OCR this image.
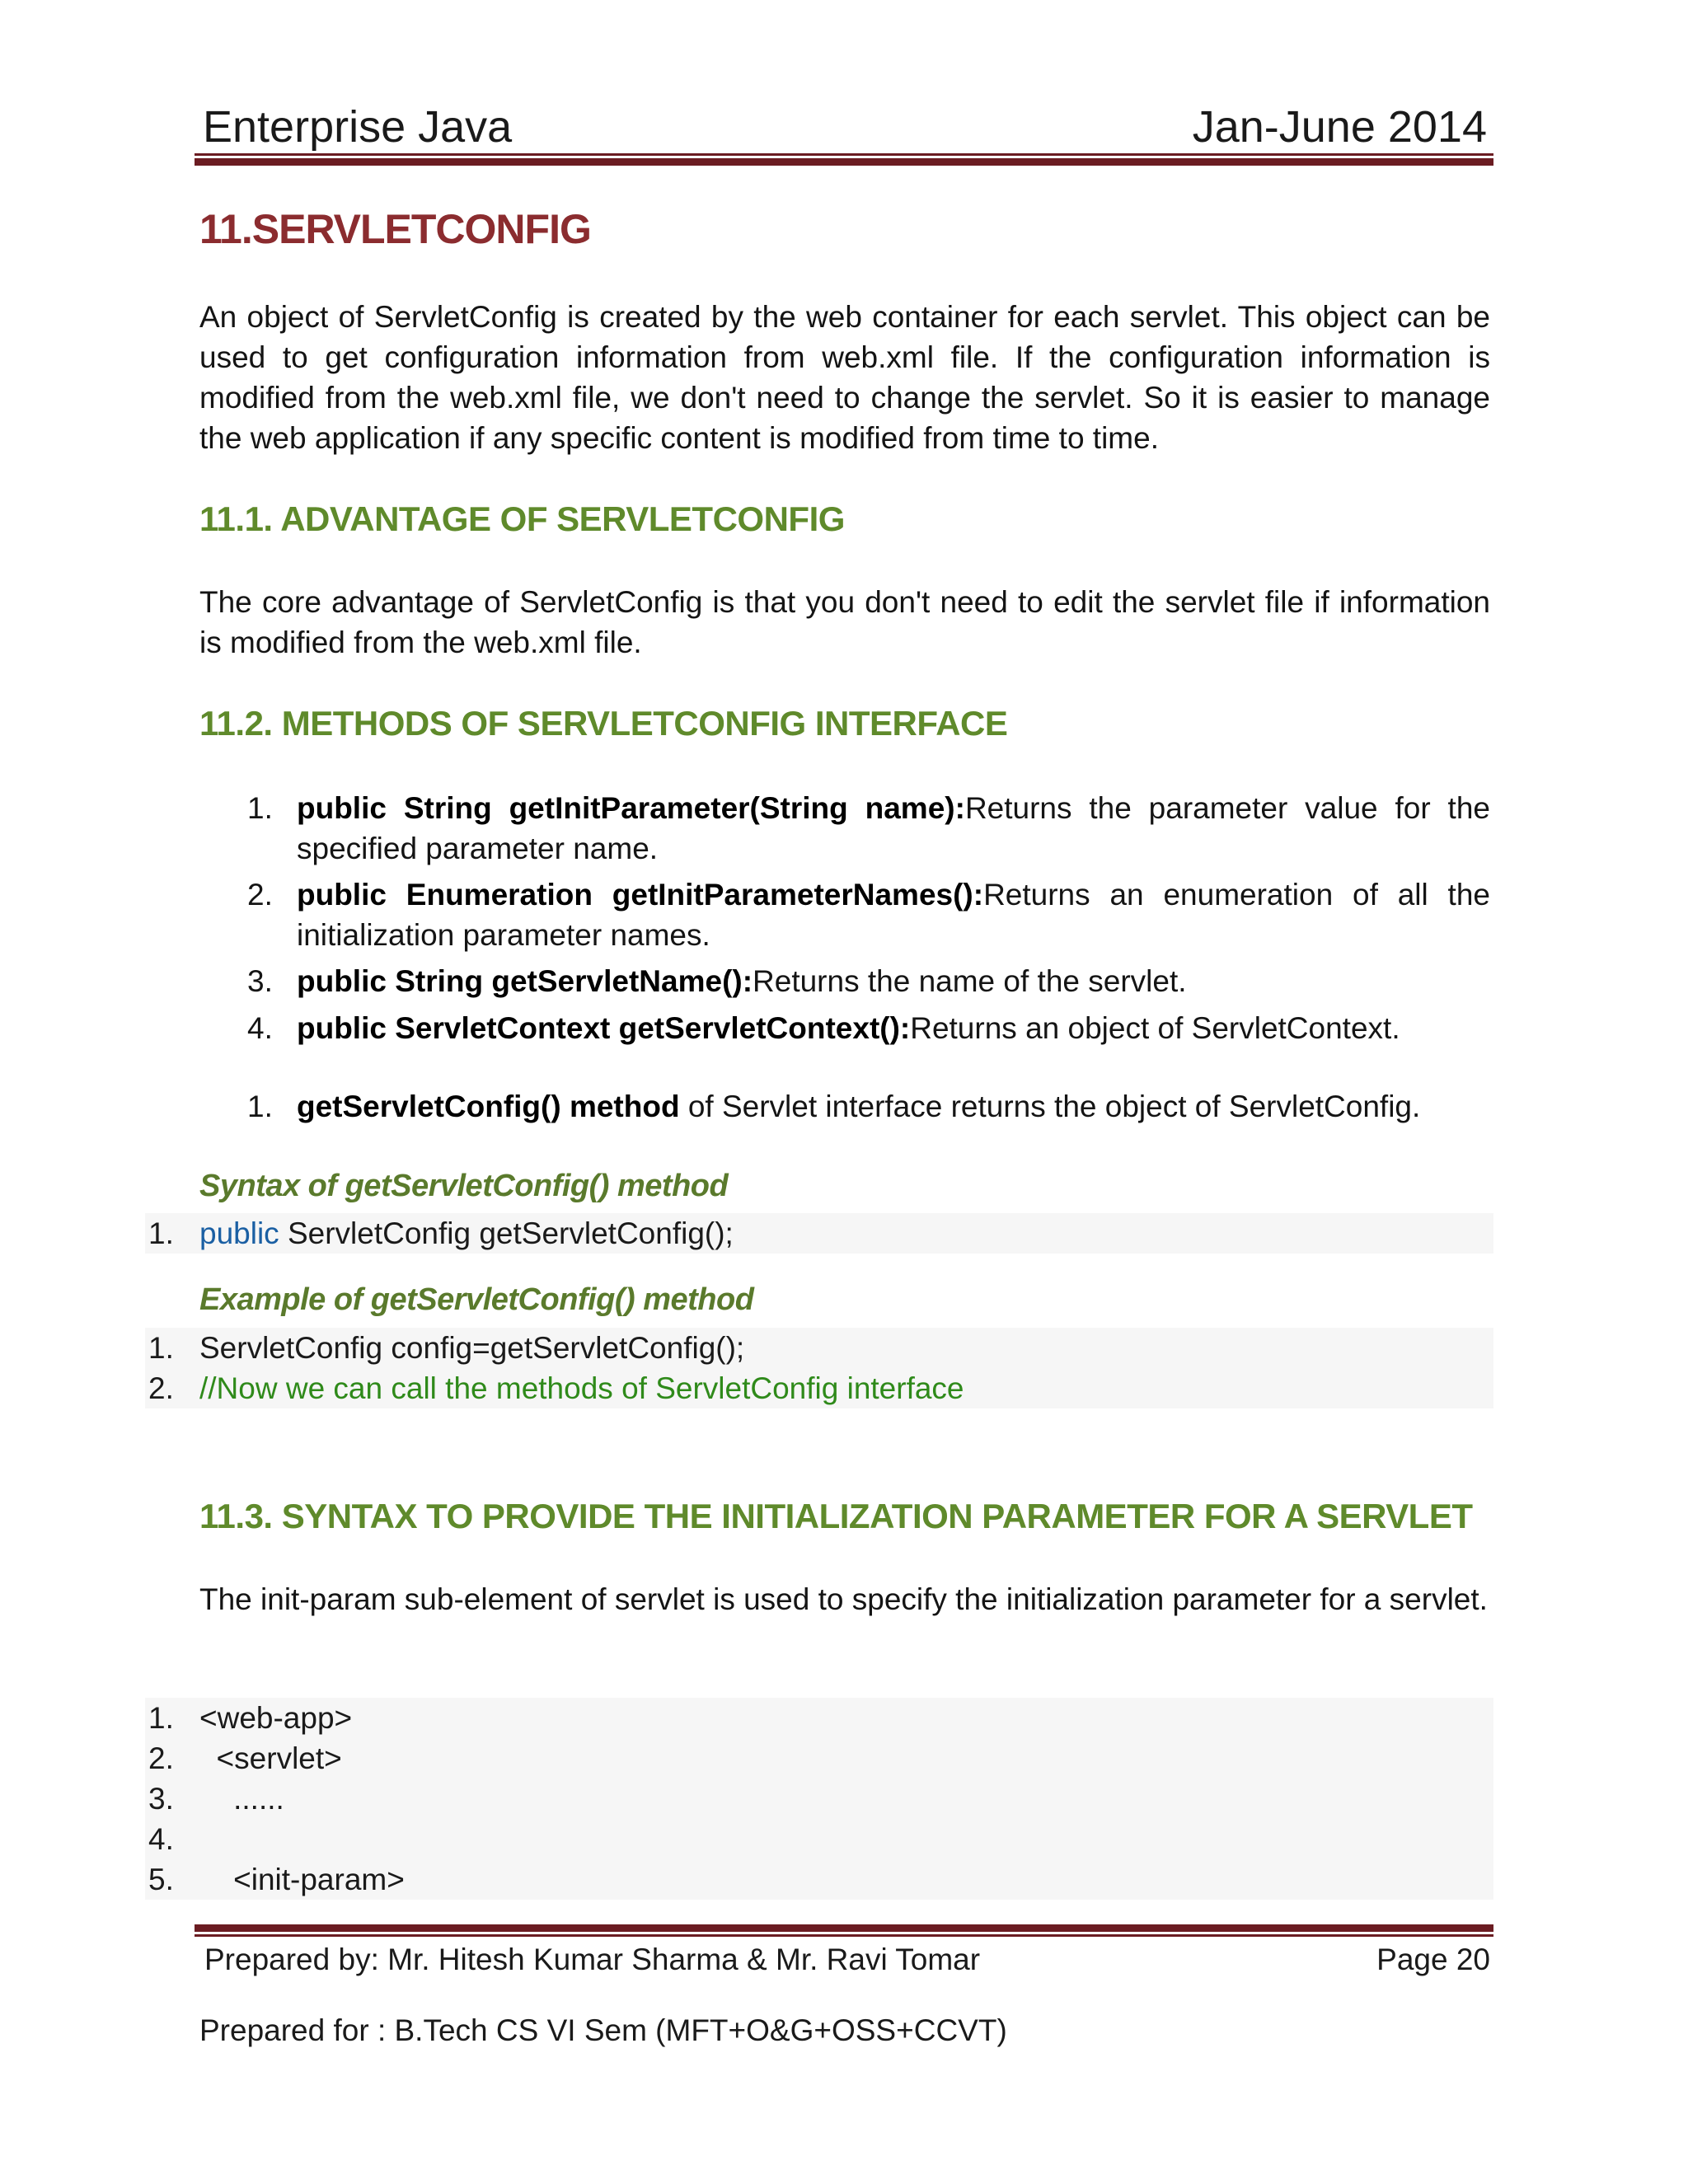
Enterprise Java	Jan-June 2014
11.SERVLETCONFIG
An object of ServletConfig is created by the web container for each servlet. This object can be used to get configuration information from web.xml file. If the configuration information is modified from the web.xml file, we don't need to change the servlet. So it is easier to manage the web application if any specific content is modified from time to time.
11.1. ADVANTAGE OF SERVLETCONFIG
The core advantage of ServletConfig is that you don't need to edit the servlet file if information is modified from the web.xml file.
11.2. METHODS OF SERVLETCONFIG INTERFACE
1. public String getInitParameter(String name):Returns the parameter value for the specified parameter name.
2. public Enumeration getInitParameterNames():Returns an enumeration of all the initialization parameter names.
3. public String getServletName():Returns the name of the servlet.
4. public ServletContext getServletContext():Returns an object of ServletContext.
1. getServletConfig() method of Servlet interface returns the object of ServletConfig.
Syntax of getServletConfig() method
1. public ServletConfig getServletConfig();
Example of getServletConfig() method
1. ServletConfig config=getServletConfig();
2. //Now we can call the methods of ServletConfig interface
11.3. SYNTAX TO PROVIDE THE INITIALIZATION PARAMETER FOR A SERVLET
The init-param sub-element of servlet is used to specify the initialization parameter for a servlet.
1. <web-app>
2. <servlet>
3. ......
4.
5. <init-param>
Prepared by: Mr. Hitesh Kumar Sharma & Mr. Ravi Tomar	Page 20
Prepared for : B.Tech CS VI Sem (MFT+O&G+OSS+CCVT)
